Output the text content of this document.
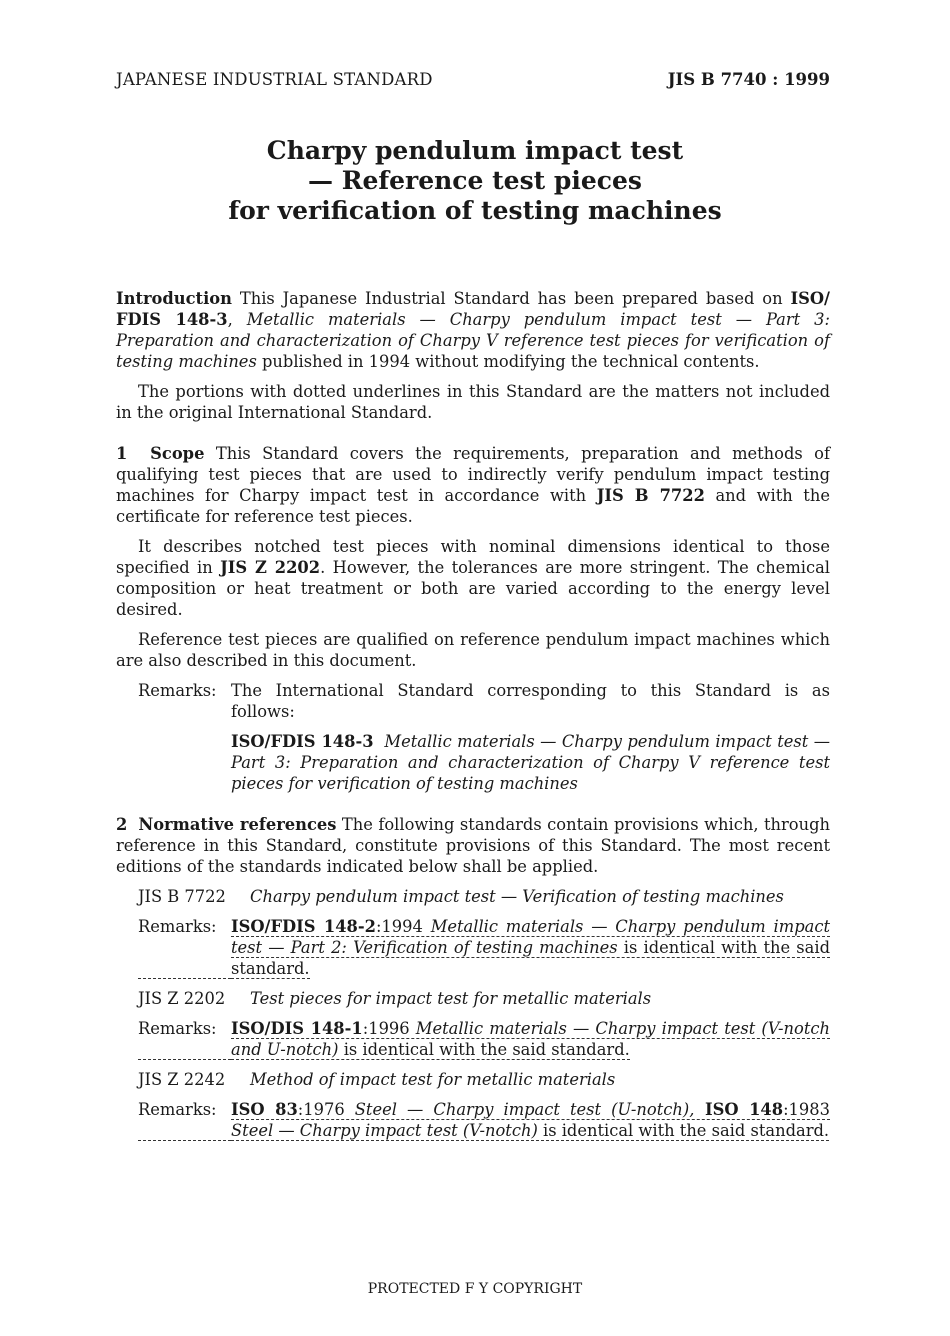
JAPANESE INDUSTRIAL STANDARD	JIS B 7740 : 1999
Charpy pendulum impact test
— Reference test pieces
for verification of testing machines

Introduction This Japanese Industrial Standard has been prepared based on ISO/ FDIS 148-3, Metallic materials — Charpy pendulum impact test — Part 3: Preparation and characterization of Charpy V reference test pieces for verification of testing machines published in 1994 without modifying the technical contents.

The portions with dotted underlines in this Standard are the matters not included in the original International Standard.

1 Scope This Standard covers the requirements, preparation and methods of qualifying test pieces that are used to indirectly verify pendulum impact testing machines for Charpy impact test in accordance with JIS B 7722 and with the certificate for reference test pieces.

It describes notched test pieces with nominal dimensions identical to those specified in JIS Z 2202. However, the tolerances are more stringent. The chemical composition or heat treatment or both are varied according to the energy level desired.

Reference test pieces are qualified on reference pendulum impact machines which are also described in this document.

Remarks: The International Standard corresponding to this Standard is as follows:

ISO/FDIS 148-3 Metallic materials — Charpy pendulum impact test — Part 3: Preparation and characterization of Charpy V reference test pieces for verification of testing machines

2 Normative references The following standards contain provisions which, through reference in this Standard, constitute provisions of this Standard. The most recent editions of the standards indicated below shall be applied.

JIS B 7722 Charpy pendulum impact test — Verification of testing machines

Remarks: ISO/FDIS 148-2:1994 Metallic materials — Charpy pendulum impact test — Part 2: Verification of testing machines is identical with the said standard.

JIS Z 2202 Test pieces for impact test for metallic materials

Remarks: ISO/DIS 148-1:1996 Metallic materials — Charpy impact test (V-notch and U-notch) is identical with the said standard.

JIS Z 2242 Method of impact test for metallic materials

Remarks: ISO 83:1976 Steel — Charpy impact test (U-notch), ISO 148:1983 Steel — Charpy impact test (V-notch) is identical with the said standard.
PROTECTED F Y COPYRIGHT
